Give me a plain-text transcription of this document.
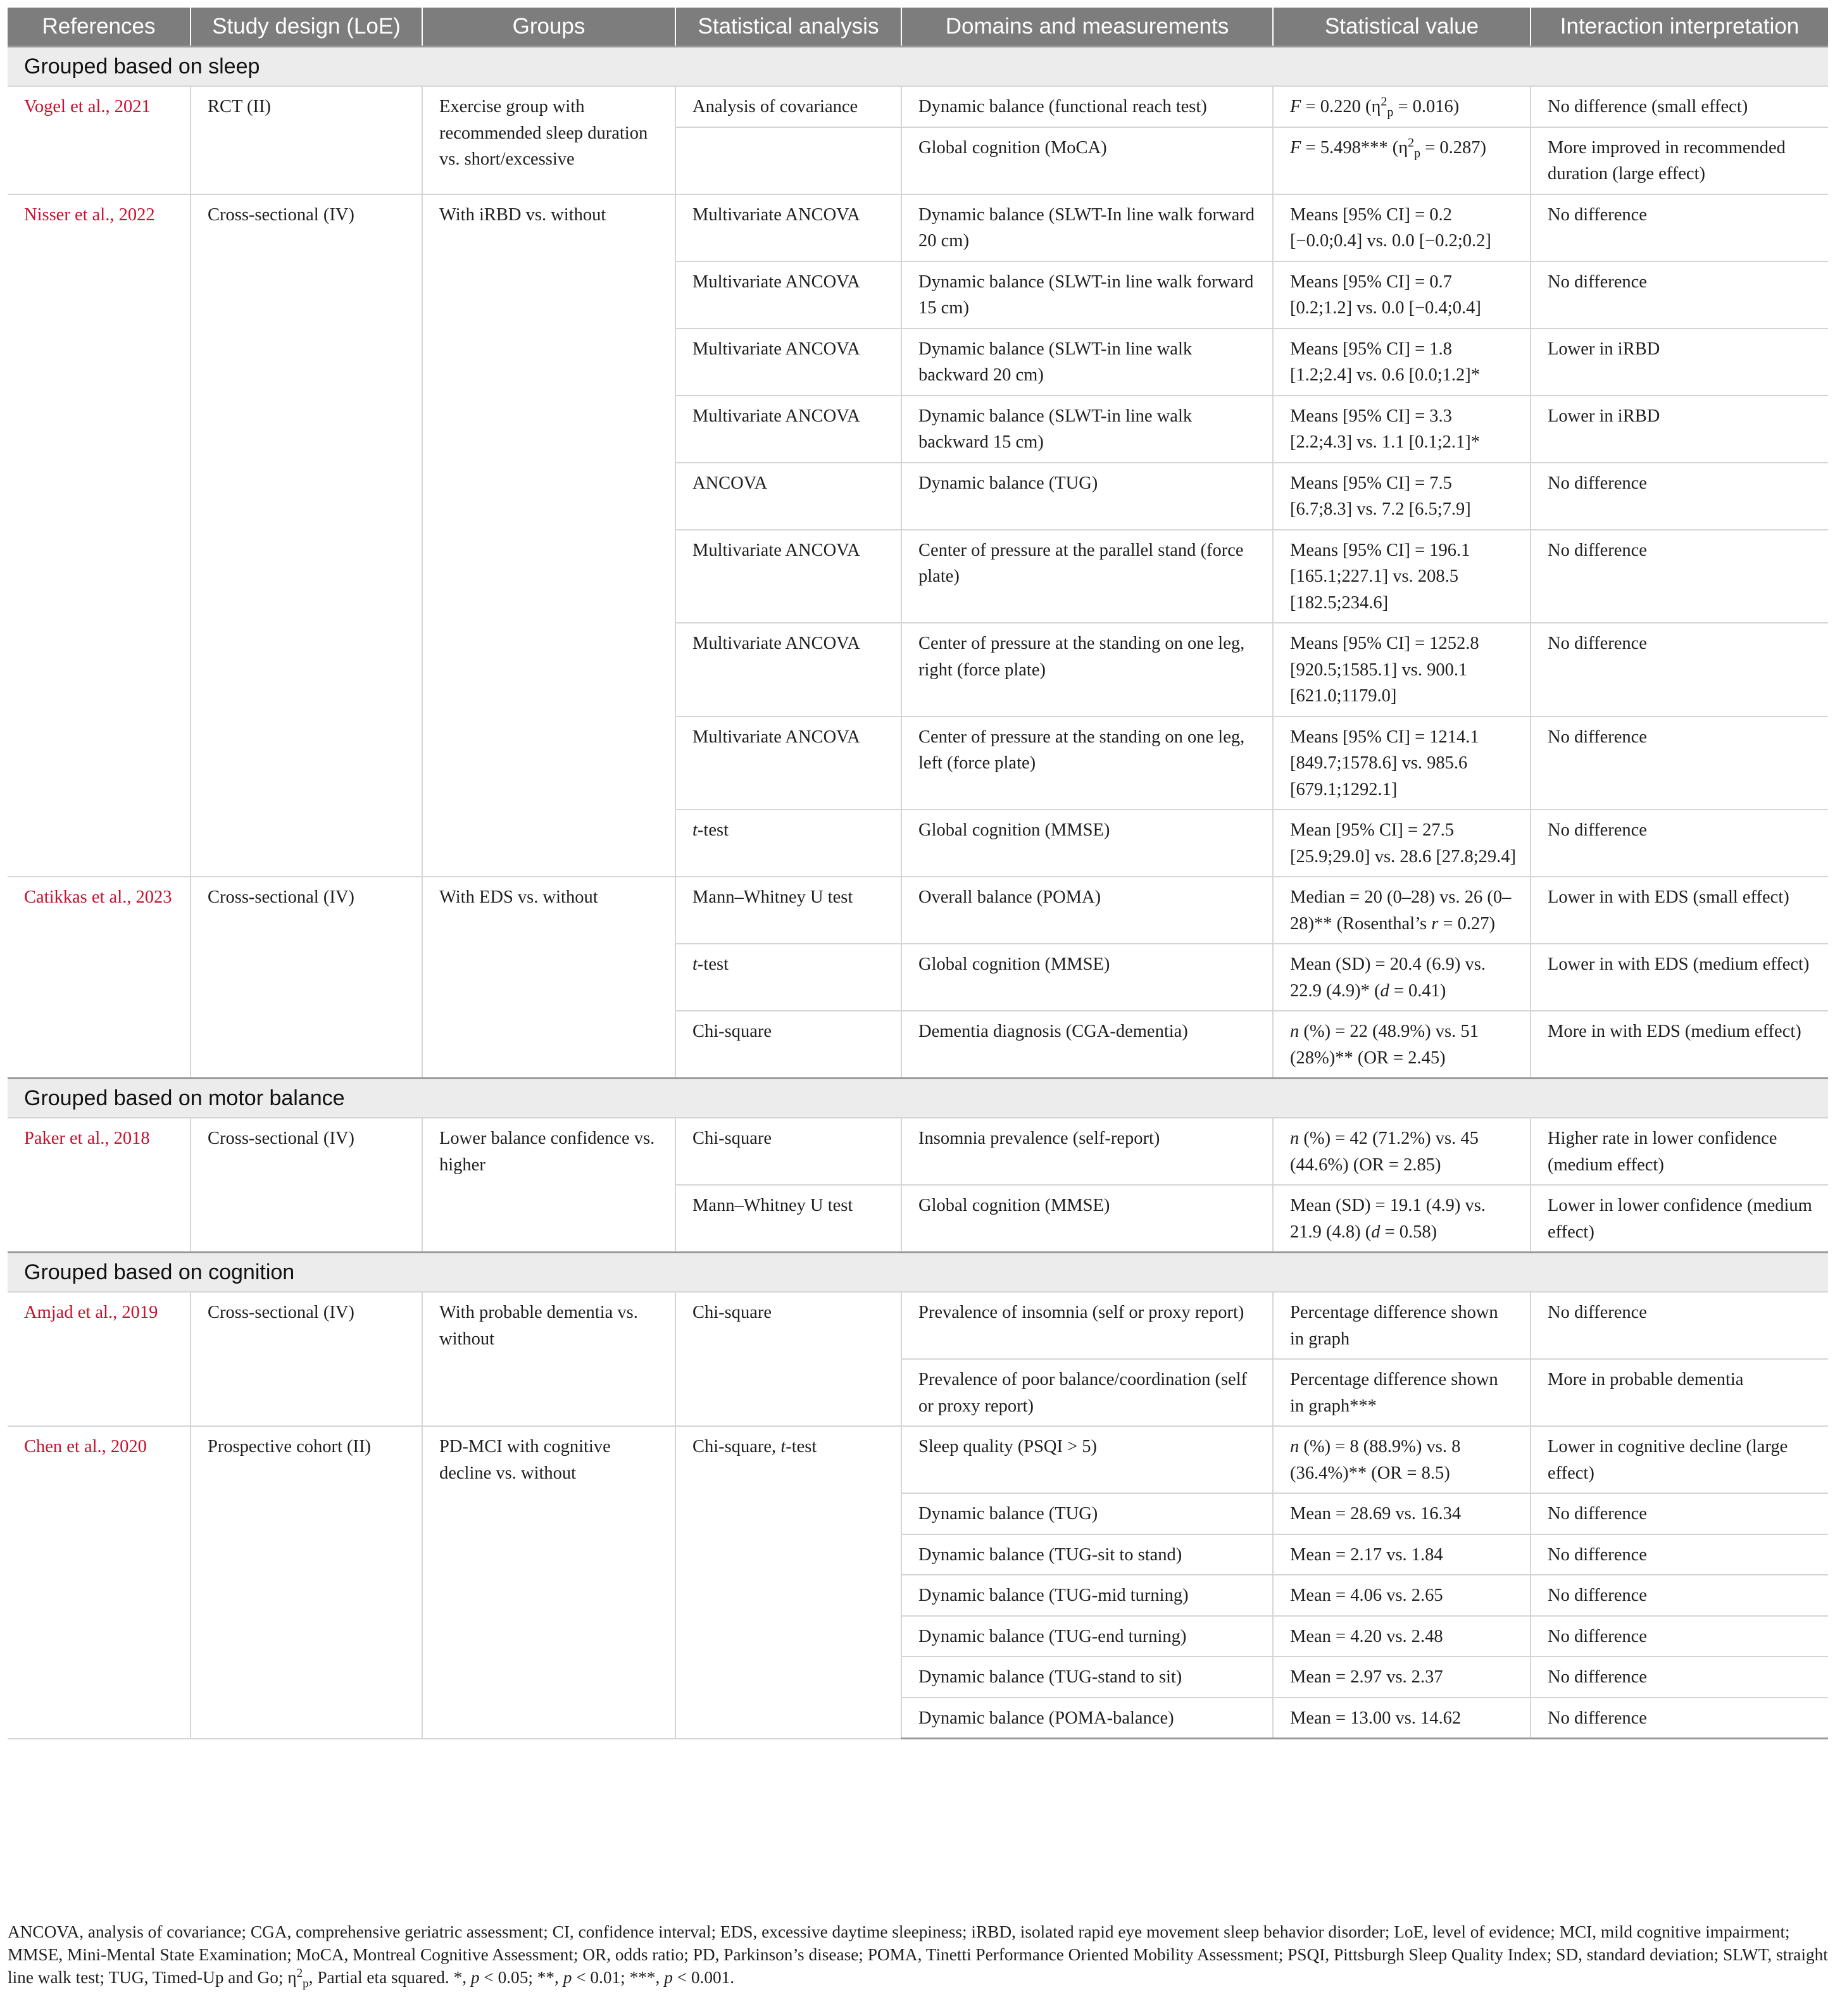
References	Study design (LoE)	Groups	Statistical analysis	Domains and measurements	Statistical value	Interaction interpretation
Grouped based on sleep						
Vogel et al., 2021	RCT (II)	Exercise group with recommended sleep duration vs. short/excessive	Analysis of covariance	Dynamic balance (functional reach test)	F = 0.220 $(\eta^2_p = 0.016)$	No difference (small effect)
				Global cognition (MoCA)	F = 5.498*** $(\eta^2_p = 0.287)$	More improved in recommended duration (large effect)
Nisser et al., 2022	Cross-sectional (IV)	With iRBD vs. without	Multivariate ANCOVA	Dynamic balance (SLWT-In line walk forward 20 cm)	Means [95% CI] = 0.2 [−0.0;0.4] vs. 0.0 [−0.2;0.2]	No difference
			Multivariate ANCOVA	Dynamic balance (SLWT-in line walk forward 15 cm)	Means [95% CI] = 0.7 [0.2;1.2] vs. 0.0 [−0.4;0.4]	No difference
			Multivariate ANCOVA	Dynamic balance (SLWT-in line walk backward 20 cm)	Means [95% CI] = 1.8 [1.2;2.4] vs. 0.6 [0.0;1.2]*	Lower in iRBD
			Multivariate ANCOVA	Dynamic balance (SLWT-in line walk backward 15 cm)	Means [95% CI] = 3.3 [2.2;4.3] vs. 1.1 [0.1;2.1]*	Lower in iRBD
			ANCOVA	Dynamic balance (TUG)	Means [95% CI] = 7.5 [6.7;8.3] vs. 7.2 [6.5;7.9]	No difference
			Multivariate ANCOVA	Center of pressure at the parallel stand (force plate)	Means [95% CI] = 196.1 [165.1;227.1] vs. 208.5 [182.5;234.6]	No difference
			Multivariate ANCOVA	Center of pressure at the standing on one leg, right (force plate)	Means [95% CI] = 1252.8 [920.5;1585.1] vs. 900.1 [621.0;1179.0]	No difference
			Multivariate ANCOVA	Center of pressure at the standing on one leg, left (force plate)	Means [95% CI] = 1214.1 [849.7;1578.6] vs. 985.6 [679.1;1292.1]	No difference
			t-test	Global cognition (MMSE)	Mean [95% CI] = 27.5 [25.9;29.0] vs. 28.6 [27.8;29.4]	No difference
Catikkas et al., 2023	Cross-sectional (IV)	With EDS vs. without	Mann–Whitney U test	Overall balance (POMA)	Median = 20 (0–28) vs. 26 (0–28)** (Rosenthal’s r = 0.27)	Lower in with EDS (small effect)
			t-test	Global cognition (MMSE)	Mean (SD) = 20.4 (6.9) vs. 22.9 (4.9)* (d = 0.41)	Lower in with EDS (medium effect)
			Chi-square	Dementia diagnosis (CGA-dementia)	n (%) = 22 (48.9%) vs. 51 (28%)** (OR = 2.45)	More in with EDS (medium effect)
Grouped based on motor balance						
Paker et al., 2018	Cross-sectional (IV)	Lower balance confidence vs. higher	Chi-square	Insomnia prevalence (self-report)	n (%) = 42 (71.2%) vs. 45 (44.6%) (OR = 2.85)	Higher rate in lower confidence (medium effect)
			Mann–Whitney U test	Global cognition (MMSE)	Mean (SD) = 19.1 (4.9) vs. 21.9 (4.8) (d = 0.58)	Lower in lower confidence (medium effect)
Grouped based on cognition						
Amjad et al., 2019	Cross-sectional (IV)	With probable dementia vs. without	Chi-square	Prevalence of insomnia (self or proxy report)	Percentage difference shown in graph	No difference
				Prevalence of poor balance/coordination (self or proxy report)	Percentage difference shown in graph***	More in probable dementia
Chen et al., 2020	Prospective cohort (II)	PD-MCI with cognitive decline vs. without	Chi-square, t-test	Sleep quality (PSQI > 5)	n (%) = 8 (88.9%) vs. 8 (36.4%)** (OR = 8.5)	Lower in cognitive decline (large effect)
				Dynamic balance (TUG)	Mean = 28.69 vs. 16.34	No difference
				Dynamic balance (TUG-sit to stand)	Mean = 2.17 vs. 1.84	No difference
				Dynamic balance (TUG-mid turning)	Mean = 4.06 vs. 2.65	No difference
				Dynamic balance (TUG-end turning)	Mean = 4.20 vs. 2.48	No difference
				Dynamic balance (TUG-stand to sit)	Mean = 2.97 vs. 2.37	No difference
				Dynamic balance (POMA-balance)	Mean = 13.00 vs. 14.62	No difference
ANCOVA, analysis of covariance; CGA, comprehensive geriatric assessment; CI, confidence interval; EDS, excessive daytime sleepiness; iRBD, isolated rapid eye movement sleep behavior disorder; LoE, level of evidence; MCI, mild cognitive impairment; MMSE, Mini-Mental State Examination; MoCA, Montreal Cognitive Assessment; OR, odds ratio; PD, Parkinson’s disease; POMA, Tinetti Performance Oriented Mobility Assessment; PSQI, Pittsburgh Sleep Quality Index; SD, standard deviation; SLWT, straight line walk test; TUG, Timed-Up and Go; $\eta^2_p$, Partial eta squared. *, p < 0.05; **, p < 0.01; ***, p < 0.001.
